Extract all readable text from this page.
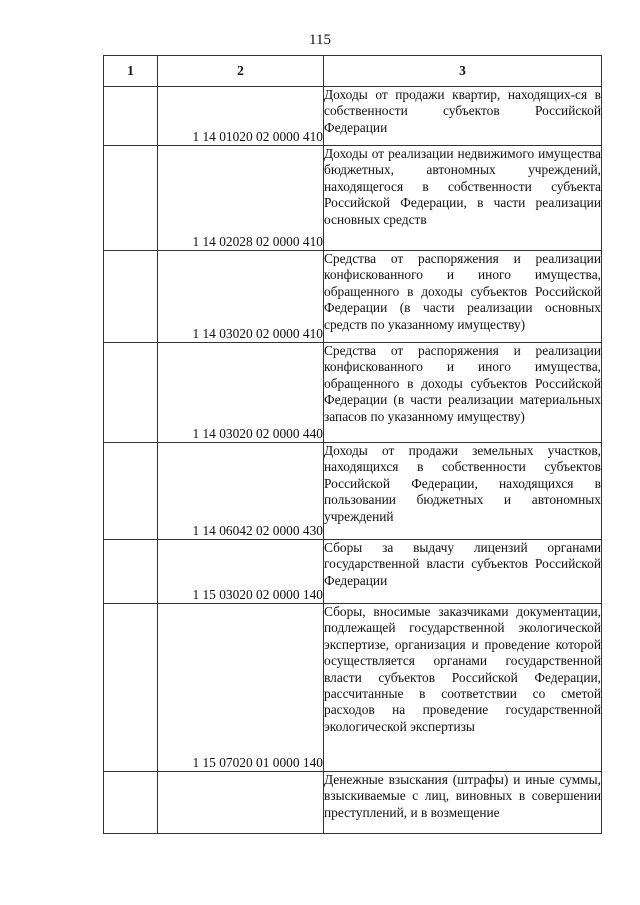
115
1	2	3
	1 14 01020 02 0000 410	Доходы от продажи квартир, находящих-ся в собственности субъектов Российской Федерации
	1 14 02028 02 0000 410	Доходы от реализации недвижимого имущества бюджетных, автономных учреждений, находящегося в собственности субъекта Российской Федерации, в части реализации основных средств
	1 14 03020 02 0000 410	Средства от распоряжения и реализации конфискованного и иного имущества, обращенного в доходы субъектов Российской Федерации (в части реализации основных средств по указанному имуществу)
	1 14 03020 02 0000 440	Средства от распоряжения и реализации конфискованного и иного имущества, обращенного в доходы субъектов Российской Федерации (в части реализации материальных запасов по указанному имуществу)
	1 14 06042 02 0000 430	Доходы от продажи земельных участков, находящихся в собственности субъектов Российской Федерации, находящихся в пользовании бюджетных и автономных учреждений
	1 15 03020 02 0000 140	Сборы за выдачу лицензий органами государственной власти субъектов Российской Федерации
	1 15 07020 01 0000 140	Сборы, вносимые заказчиками документации, подлежащей государственной экологической экспертизе, организация и проведение которой осуществляется органами государственной власти субъектов Российской Федерации, рассчитанные в соответствии со сметой расходов на проведение государственной экологической экспертизы
		Денежные взыскания (штрафы) и иные суммы, взыскиваемые с лиц, виновных в совершении преступлений, и в возмещение
